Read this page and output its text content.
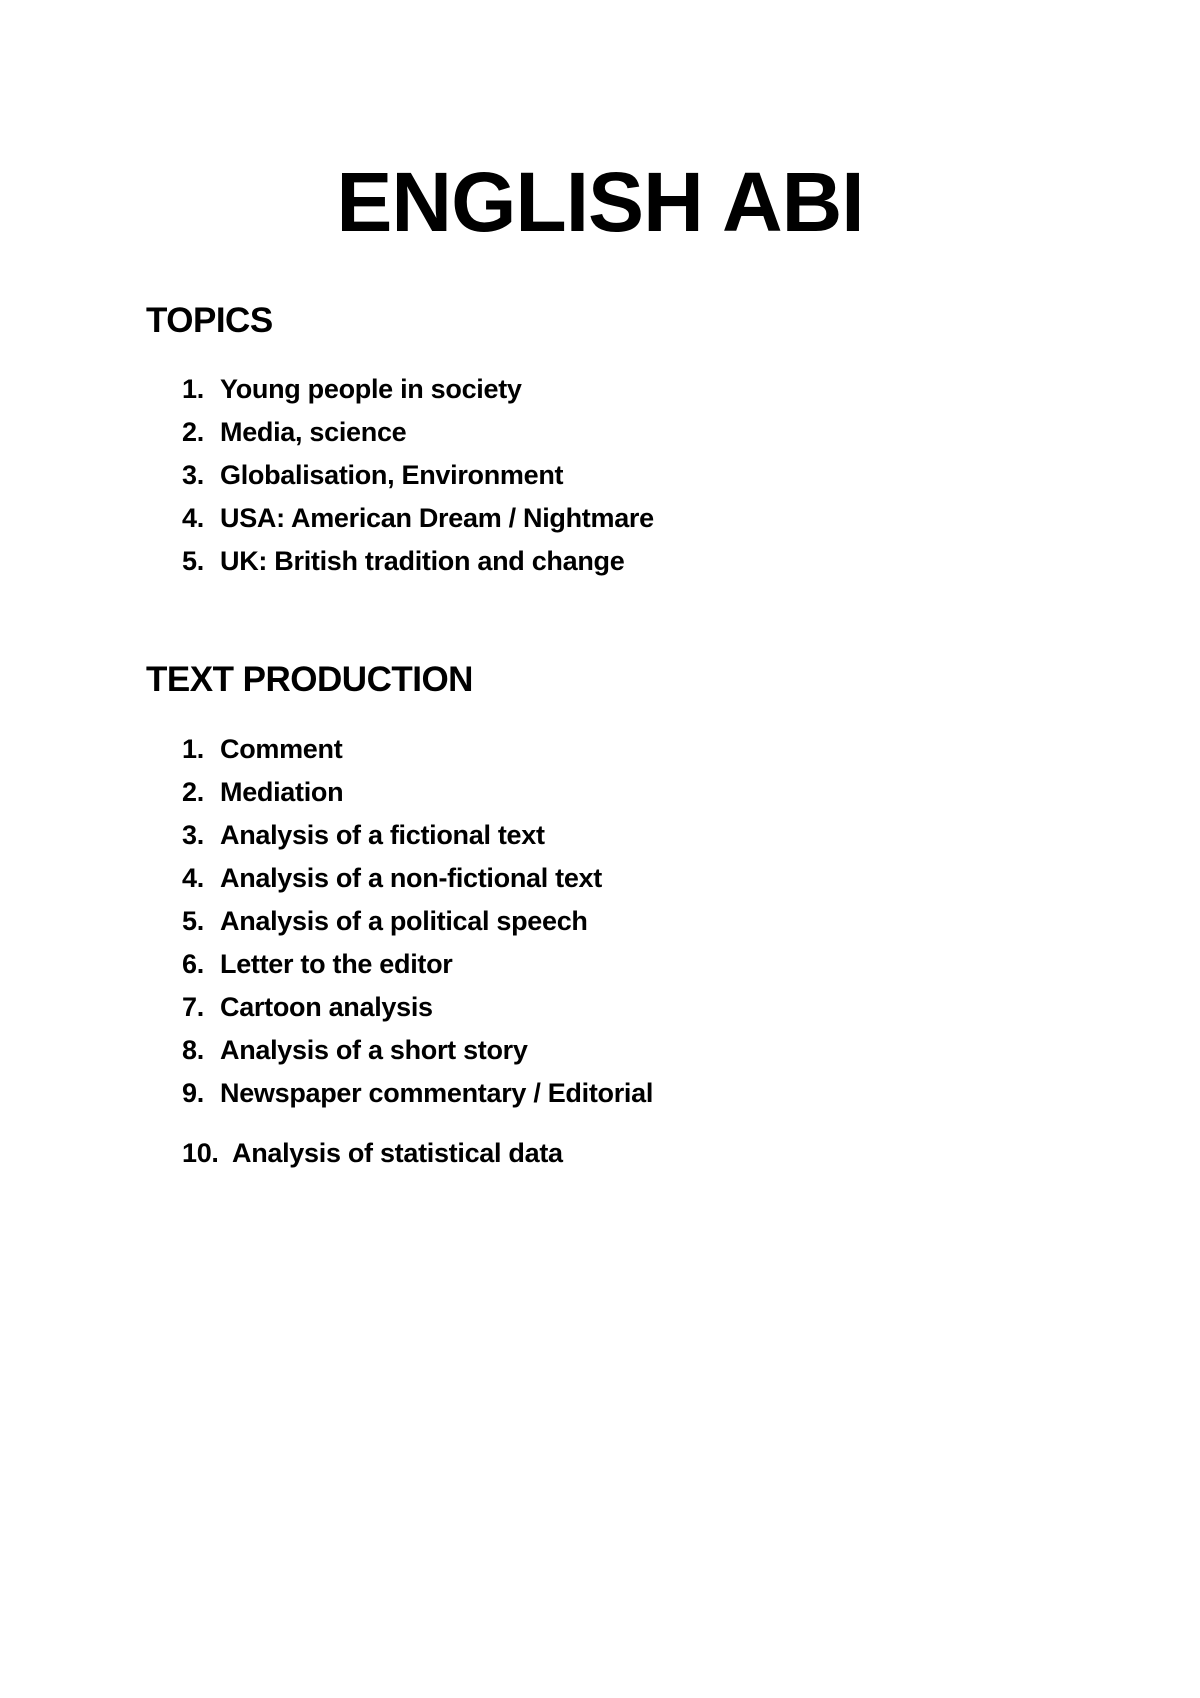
ENGLISH ABI
TOPICS
1. Young people in society
2. Media, science
3. Globalisation, Environment
4. USA: American Dream / Nightmare
5. UK: British tradition and change
TEXT PRODUCTION
1. Comment
2. Mediation
3. Analysis of a fictional text
4. Analysis of a non-fictional text
5. Analysis of a political speech
6. Letter to the editor
7. Cartoon analysis
8. Analysis of a short story
9. Newspaper commentary / Editorial
10. Analysis of statistical data
